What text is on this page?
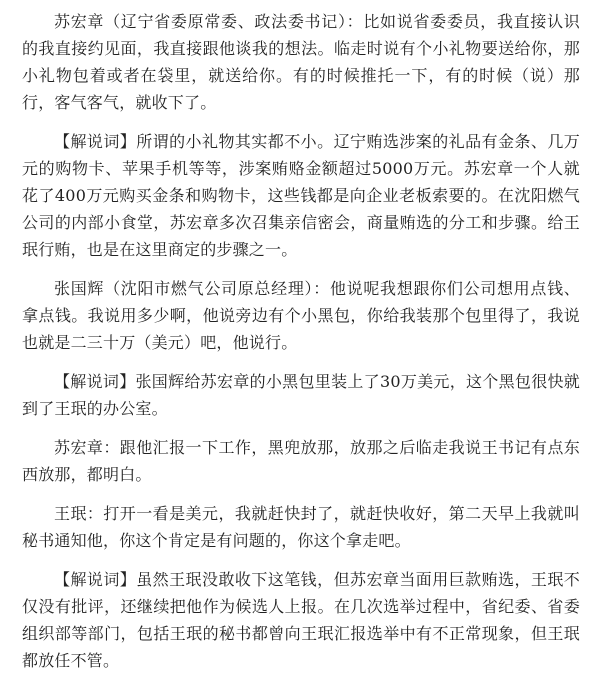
苏宏章（辽宁省委原常委、政法委书记）：比如说省委委员，我直接认识的我直接约见面，我直接跟他谈我的想法。临走时说有个小礼物要送给你，那小礼物包着或者在袋里，就送给你。有的时候推托一下，有的时候（说）那行，客气客气，就收下了。

【解说词】所谓的小礼物其实都不小。辽宁贿选涉案的礼品有金条、几万元的购物卡、苹果手机等等，涉案贿赂金额超过5000万元。苏宏章一个人就花了400万元购买金条和购物卡，这些钱都是向企业老板索要的。在沈阳燃气公司的内部小食堂，苏宏章多次召集亲信密会，商量贿选的分工和步骤。给王珉行贿，也是在这里商定的步骤之一。

张国辉（沈阳市燃气公司原总经理）：他说呢我想跟你们公司想用点钱、拿点钱。我说用多少啊，他说旁边有个小黑包，你给我装那个包里得了，我说也就是二三十万（美元）吧，他说行。

【解说词】张国辉给苏宏章的小黑包里装上了30万美元，这个黑包很快就到了王珉的办公室。

苏宏章：跟他汇报一下工作，黑兜放那，放那之后临走我说王书记有点东西放那，都明白。

王珉：打开一看是美元，我就赶快封了，就赶快收好，第二天早上我就叫秘书通知他，你这个肯定是有问题的，你这个拿走吧。

【解说词】虽然王珉没敢收下这笔钱，但苏宏章当面用巨款贿选，王珉不仅没有批评，还继续把他作为候选人上报。在几次选举过程中，省纪委、省委组织部等部门，包括王珉的秘书都曾向王珉汇报选举中有不正常现象，但王珉都放任不管。
